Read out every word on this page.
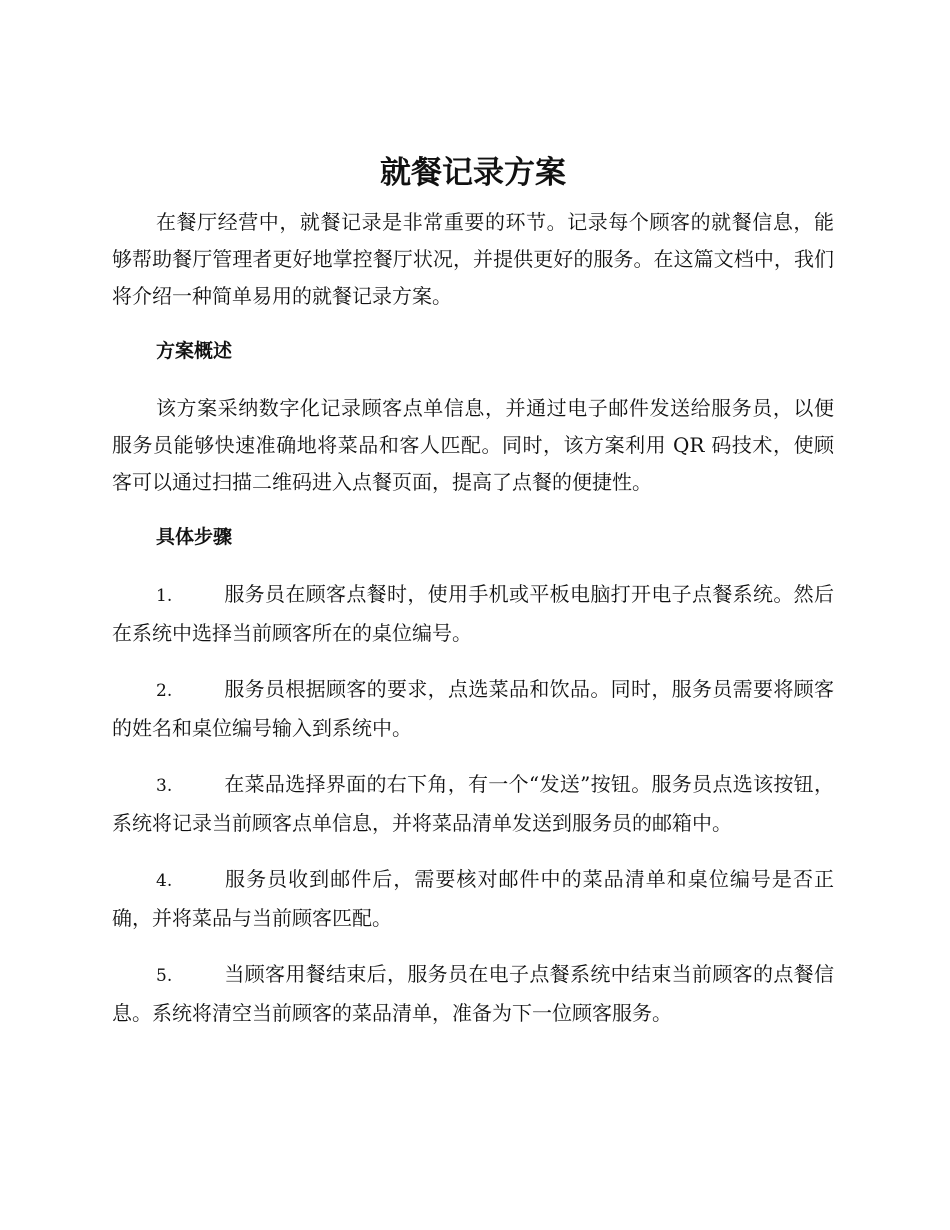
就餐记录方案

在餐厅经营中，就餐记录是非常重要的环节。记录每个顾客的就餐信息，能够帮助餐厅管理者更好地掌控餐厅状况，并提供更好的服务。在这篇文档中，我们将介绍一种简单易用的就餐记录方案。

方案概述

该方案采纳数字化记录顾客点单信息，并通过电子邮件发送给服务员，以便服务员能够快速准确地将菜品和客人匹配。同时，该方案利用 QR 码技术，使顾客可以通过扫描二维码进入点餐页面，提高了点餐的便捷性。

具体步骤
1.	服务员在顾客点餐时，使用手机或平板电脑打开电子点餐系统。然后在系统中选择当前顾客所在的桌位编号。
2.	服务员根据顾客的要求，点选菜品和饮品。同时，服务员需要将顾客的姓名和桌位编号输入到系统中。
3.	在菜品选择界面的右下角，有一个“发送”按钮。服务员点选该按钮，系统将记录当前顾客点单信息，并将菜品清单发送到服务员的邮箱中。
4.	服务员收到邮件后，需要核对邮件中的菜品清单和桌位编号是否正确，并将菜品与当前顾客匹配。
5.	当顾客用餐结束后，服务员在电子点餐系统中结束当前顾客的点餐信息。系统将清空当前顾客的菜品清单，准备为下一位顾客服务。
